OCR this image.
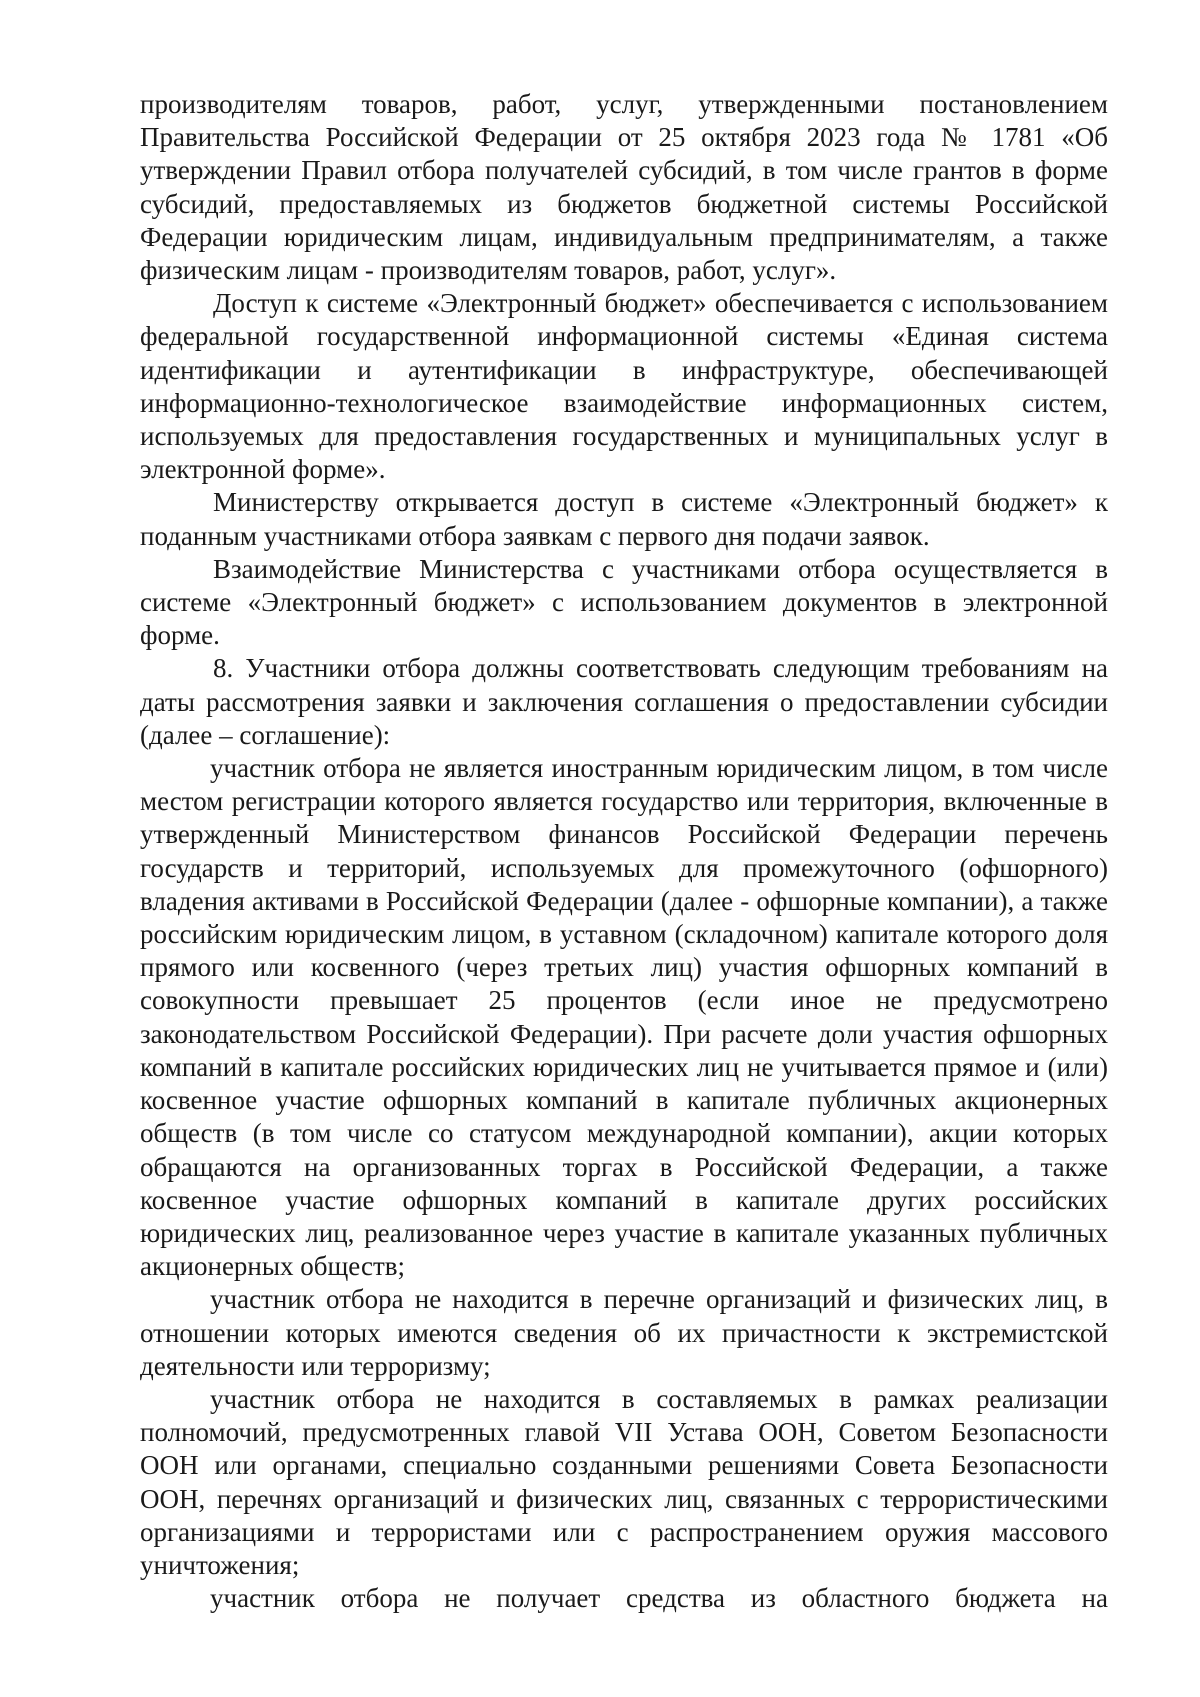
производителям товаров, работ, услуг, утвержденными постановлением Правительства Российской Федерации от 25 октября 2023 года № 1781 «Об утверждении Правил отбора получателей субсидий, в том числе грантов в форме субсидий, предоставляемых из бюджетов бюджетной системы Российской Федерации юридическим лицам, индивидуальным предпринимателям, а также физическим лицам - производителям товаров, работ, услуг».

Доступ к системе «Электронный бюджет» обеспечивается с использованием федеральной государственной информационной системы «Единая система идентификации и аутентификации в инфраструктуре, обеспечивающей информационно-технологическое взаимодействие информационных систем, используемых для предоставления государственных и муниципальных услуг в электронной форме».

Министерству открывается доступ в системе «Электронный бюджет» к поданным участниками отбора заявкам с первого дня подачи заявок.

Взаимодействие Министерства с участниками отбора осуществляется в системе «Электронный бюджет» с использованием документов в электронной форме.

8. Участники отбора должны соответствовать следующим требованиям на даты рассмотрения заявки и заключения соглашения о предоставлении субсидии (далее – соглашение):

участник отбора не является иностранным юридическим лицом, в том числе местом регистрации которого является государство или территория, включенные в утвержденный Министерством финансов Российской Федерации перечень государств и территорий, используемых для промежуточного (офшорного) владения активами в Российской Федерации (далее - офшорные компании), а также российским юридическим лицом, в уставном (складочном) капитале которого доля прямого или косвенного (через третьих лиц) участия офшорных компаний в совокупности превышает 25 процентов (если иное не предусмотрено законодательством Российской Федерации). При расчете доли участия офшорных компаний в капитале российских юридических лиц не учитывается прямое и (или) косвенное участие офшорных компаний в капитале публичных акционерных обществ (в том числе со статусом международной компании), акции которых обращаются на организованных торгах в Российской Федерации, а также косвенное участие офшорных компаний в капитале других российских юридических лиц, реализованное через участие в капитале указанных публичных акционерных обществ;

участник отбора не находится в перечне организаций и физических лиц, в отношении которых имеются сведения об их причастности к экстремистской деятельности или терроризму;

участник отбора не находится в составляемых в рамках реализации полномочий, предусмотренных главой VII Устава ООН, Советом Безопасности ООН или органами, специально созданными решениями Совета Безопасности ООН, перечнях организаций и физических лиц, связанных с террористическими организациями и террористами или с распространением оружия массового уничтожения;

участник отбора не получает средства из областного бюджета на
